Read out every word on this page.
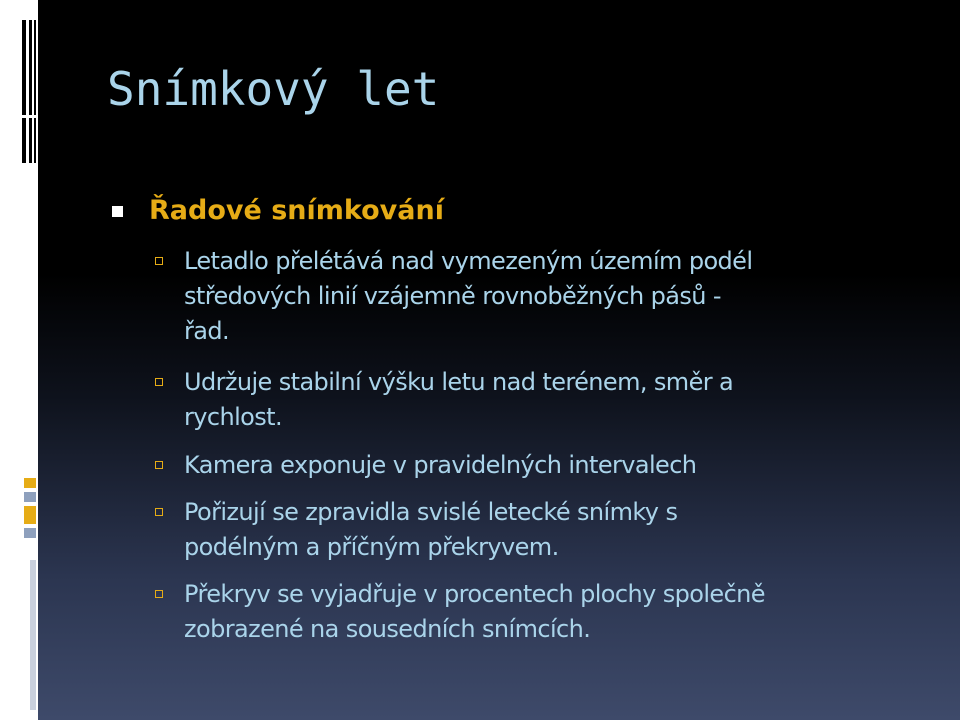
Snímkový let
Řadové snímkování
Letadlo přelétává nad vymezeným územím podél
středových linií vzájemně rovnoběžných pásů -
řad.
Udržuje stabilní výšku letu nad terénem, směr a
rychlost.
Kamera exponuje v pravidelných intervalech
Pořizují se zpravidla svislé letecké snímky s
podélným a příčným překryvem.
Překryv se vyjadřuje v procentech plochy společně
zobrazené na sousedních snímcích.
